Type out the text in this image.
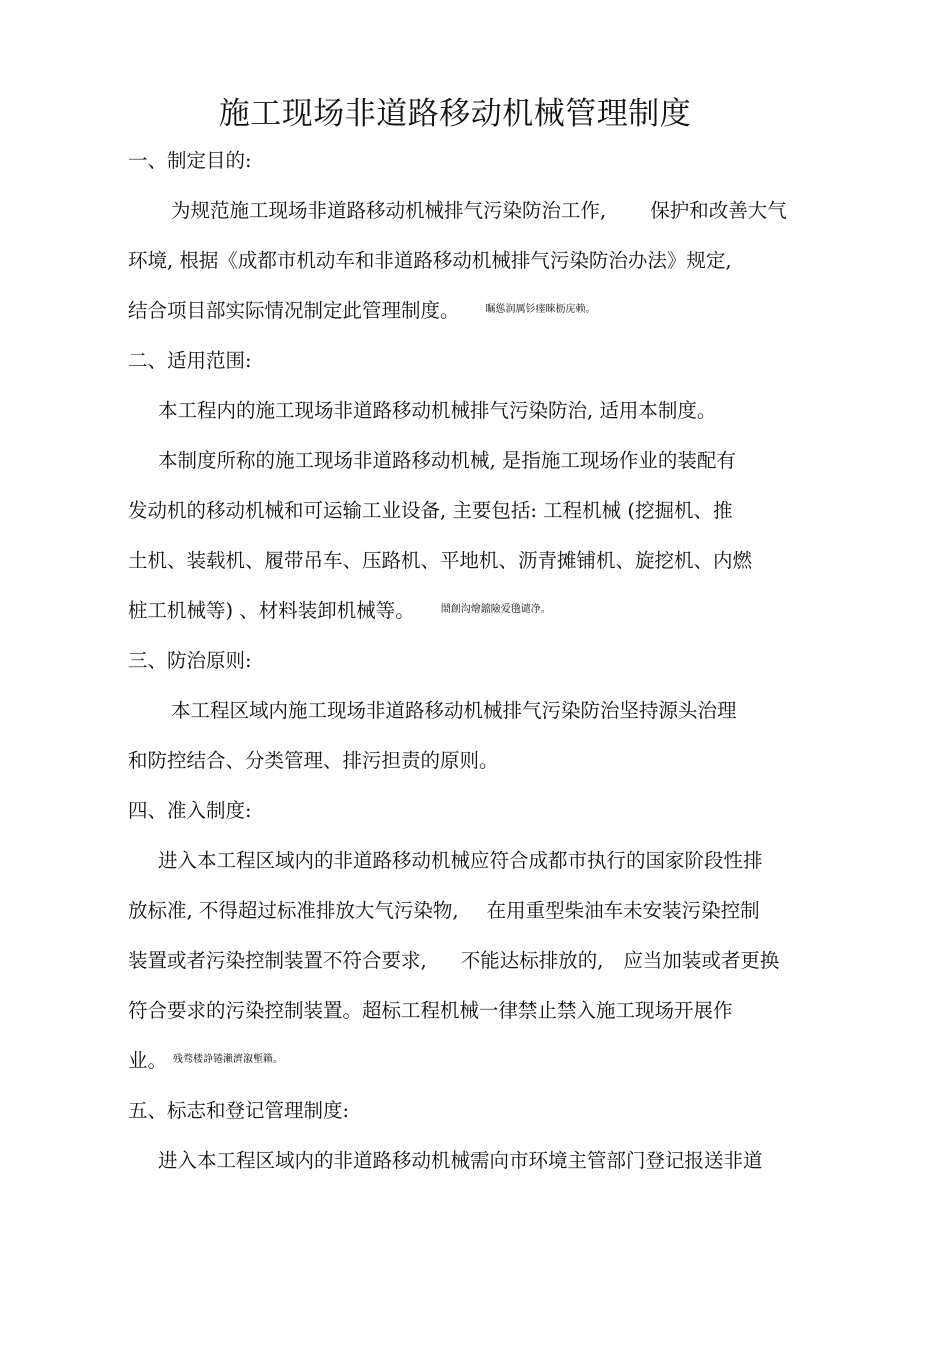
施工现场非道路移动机械管理制度
一、制定目的:
为规范施工现场非道路移动机械排气污染防治工作, 保护和改善大气
环境, 根据《成都市机动车和非道路移动机械排气污染防治办法》规定,
结合项目部实际情况制定此管理制度。	瞩慫润厲钐瘗睞枥庑赖。
二、适用范围:
本工程内的施工现场非道路移动机械排气污染防治, 适用本制度。
本制度所称的施工现场非道路移动机械, 是指施工现场作业的装配有
发动机的移动机械和可运输工业设备, 主要包括: 工程机械 (挖掘机、推
土机、装载机、履带吊车、压路机、平地机、沥青摊铺机、旋挖机、内燃
桩工机械等) 、材料装卸机械等。	鬧創沟燴鐺險爱氇谴净。
三、防治原则:
本工程区域内施工现场非道路移动机械排气污染防治坚持源头治理
和防控结合、分类管理、排污担责的原则。
四、准入制度:
进入本工程区域内的非道路移动机械应符合成都市执行的国家阶段性排
放标准, 不得超过标准排放大气污染物, 在用重型柴油车未安装污染控制
装置或者污染控制装置不符合要求, 不能达标排放的, 应当加装或者更换
符合要求的污染控制装置。超标工程机械一律禁止禁入施工现场开展作
业。 残骛楼諍锩瀨濟溆塹籟。
五、标志和登记管理制度:
进入本工程区域内的非道路移动机械需向市环境主管部门登记报送非道
